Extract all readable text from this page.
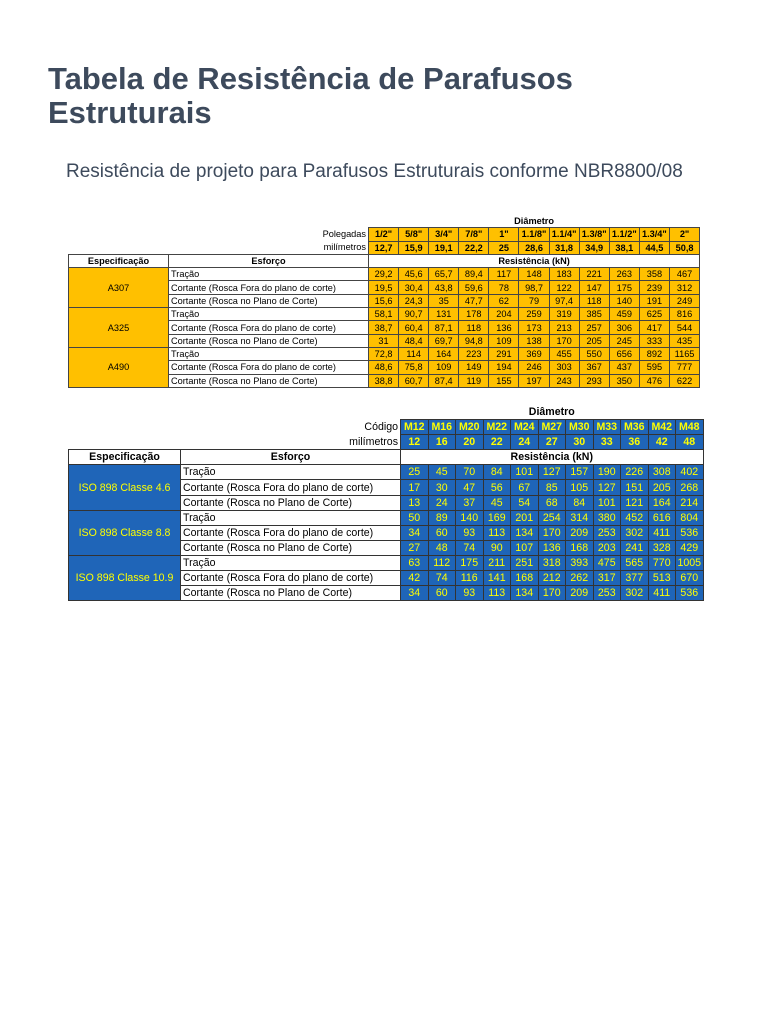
Tabela de Resistência de Parafusos Estruturais

Resistência de projeto para Parafusos Estruturais conforme NBR8800/08

		Diâmetro										
Polegadas		1/2"	5/8"	3/4"	7/8"	1"	1.1/8"	1.1/4"	1.3/8"	1.1/2"	1.3/4"	2"
milímetros		12,7	15,9	19,1	22,2	25	28,6	31,8	34,9	38,1	44,5	50,8
Especificação	Esforço	Resistência (kN)										
A307	Tração	29,2	45,6	65,7	89,4	117	148	183	221	263	358	467
	Cortante (Rosca Fora do plano de corte)	19,5	30,4	43,8	59,6	78	98,7	122	147	175	239	312
	Cortante (Rosca no Plano de Corte)	15,6	24,3	35	47,7	62	79	97,4	118	140	191	249
A325	Tração	58,1	90,7	131	178	204	259	319	385	459	625	816
	Cortante (Rosca Fora do plano de corte)	38,7	60,4	87,1	118	136	173	213	257	306	417	544
	Cortante (Rosca no Plano de Corte)	31	48,4	69,7	94,8	109	138	170	205	245	333	435
A490	Tração	72,8	114	164	223	291	369	455	550	656	892	1165
	Cortante (Rosca Fora do plano de corte)	48,6	75,8	109	149	194	246	303	367	437	595	777
	Cortante (Rosca no Plano de Corte)	38,8	60,7	87,4	119	155	197	243	293	350	476	622
		Diâmetro										
Código		M12	M16	M20	M22	M24	M27	M30	M33	M36	M42	M48
milímetros		12	16	20	22	24	27	30	33	36	42	48
Especificação	Esforço	Resistência (kN)										
ISO 898 Classe 4.6	Tração	25	45	70	84	101	127	157	190	226	308	402
	Cortante (Rosca Fora do plano de corte)	17	30	47	56	67	85	105	127	151	205	268
	Cortante (Rosca no Plano de Corte)	13	24	37	45	54	68	84	101	121	164	214
ISO 898 Classe 8.8	Tração	50	89	140	169	201	254	314	380	452	616	804
	Cortante (Rosca Fora do plano de corte)	34	60	93	113	134	170	209	253	302	411	536
	Cortante (Rosca no Plano de Corte)	27	48	74	90	107	136	168	203	241	328	429
ISO 898 Classe 10.9	Tração	63	112	175	211	251	318	393	475	565	770	1005
	Cortante (Rosca Fora do plano de corte)	42	74	116	141	168	212	262	317	377	513	670
	Cortante (Rosca no Plano de Corte)	34	60	93	113	134	170	209	253	302	411	536
